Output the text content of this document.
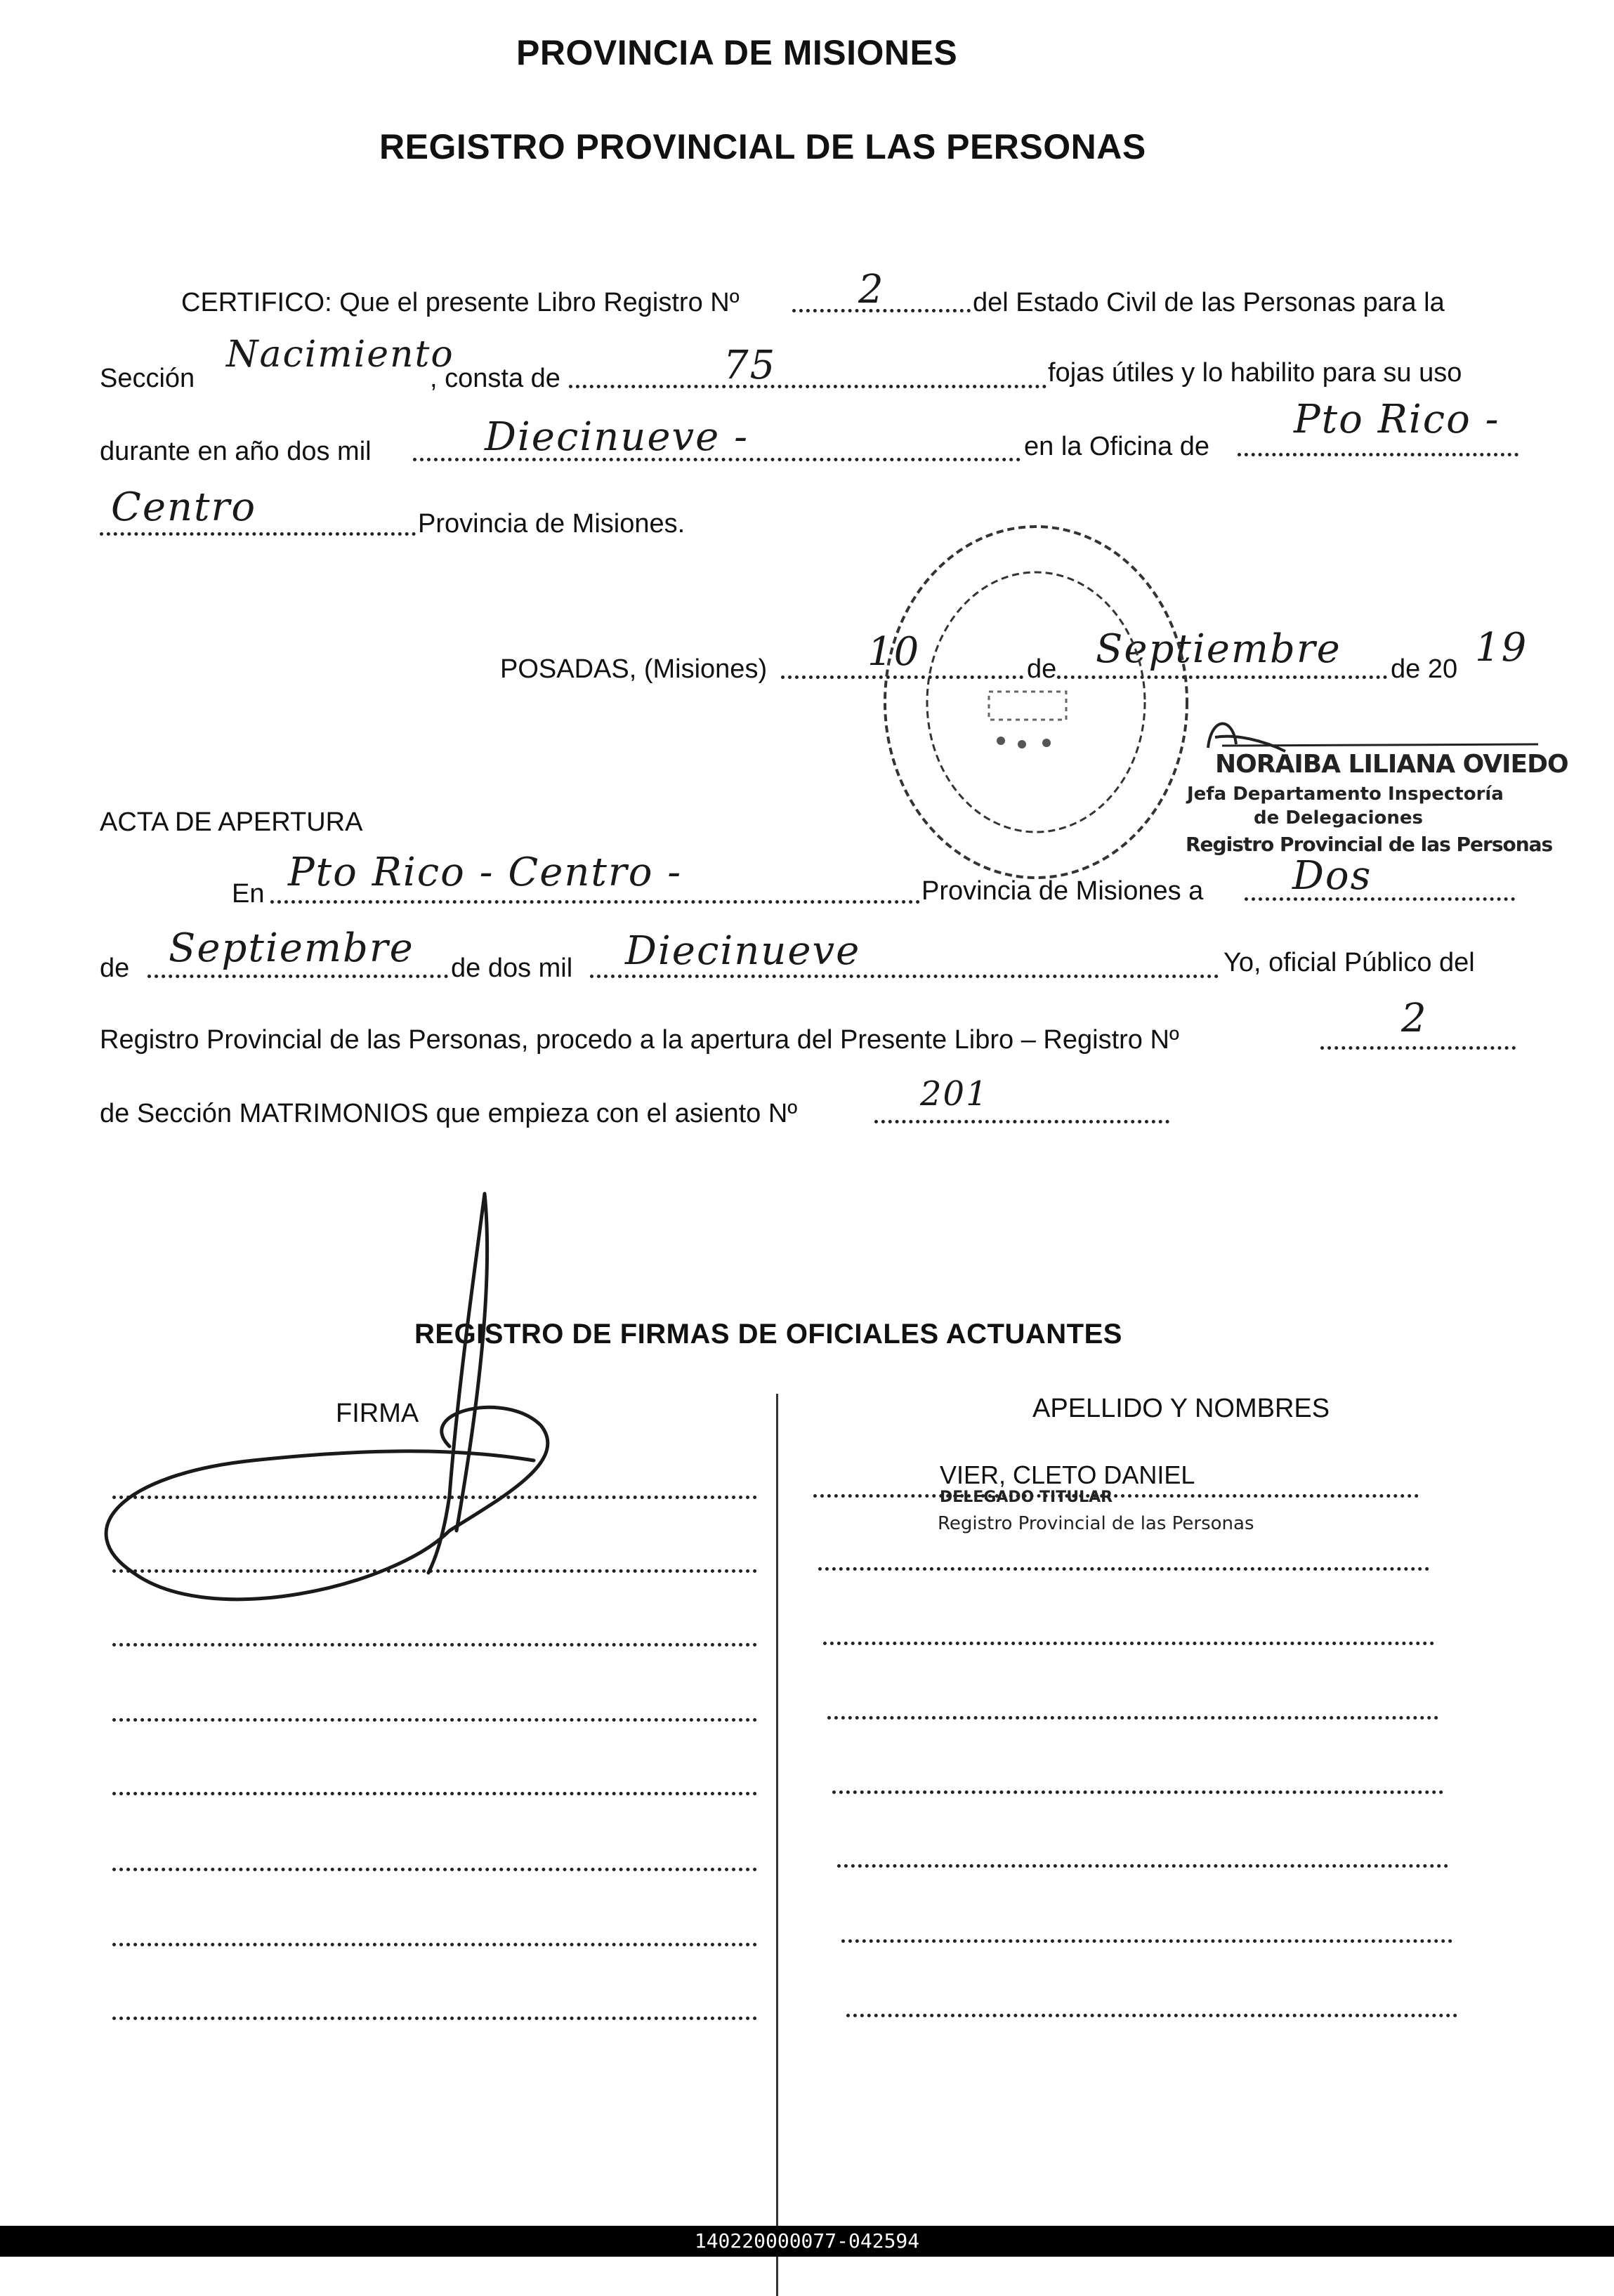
PROVINCIA DE MISIONES
REGISTRO PROVINCIAL DE LAS PERSONAS
CERTIFICO: Que el presente Libro Registro Nº	2	del Estado Civil de las Personas para la
Sección
Nacimiento
, consta de	75	fojas útiles y lo habilito para su uso
durante en año dos mil	Diecinueve -	en la Oficina de
Pto Rico -
Centro	Provincia de Misiones.
POSADAS, (Misiones)	10	de Septiembre de 20 19
NORAIBA LILIANA OVIEDO
Jefa Departamento Inspectoría
de Delegaciones
Registro Provincial de las Personas
ACTA DE APERTURA
En Pto Rico - Centro -	Provincia de Misiones a Dos
de Septiembre de dos mil Diecinueve	Yo, oficial Público del
Registro Provincial de las Personas, procedo a la apertura del Presente Libro – Registro Nº	2
de Sección MATRIMONIOS que empieza con el asiento Nº	201
REGISTRO DE FIRMAS DE OFICIALES ACTUANTES
FIRMA	APELLIDO Y NOMBRES
VIER, CLETO DANIEL
DELEGADO TITULAR
Registro Provincial de las Personas
140220000077-042594
